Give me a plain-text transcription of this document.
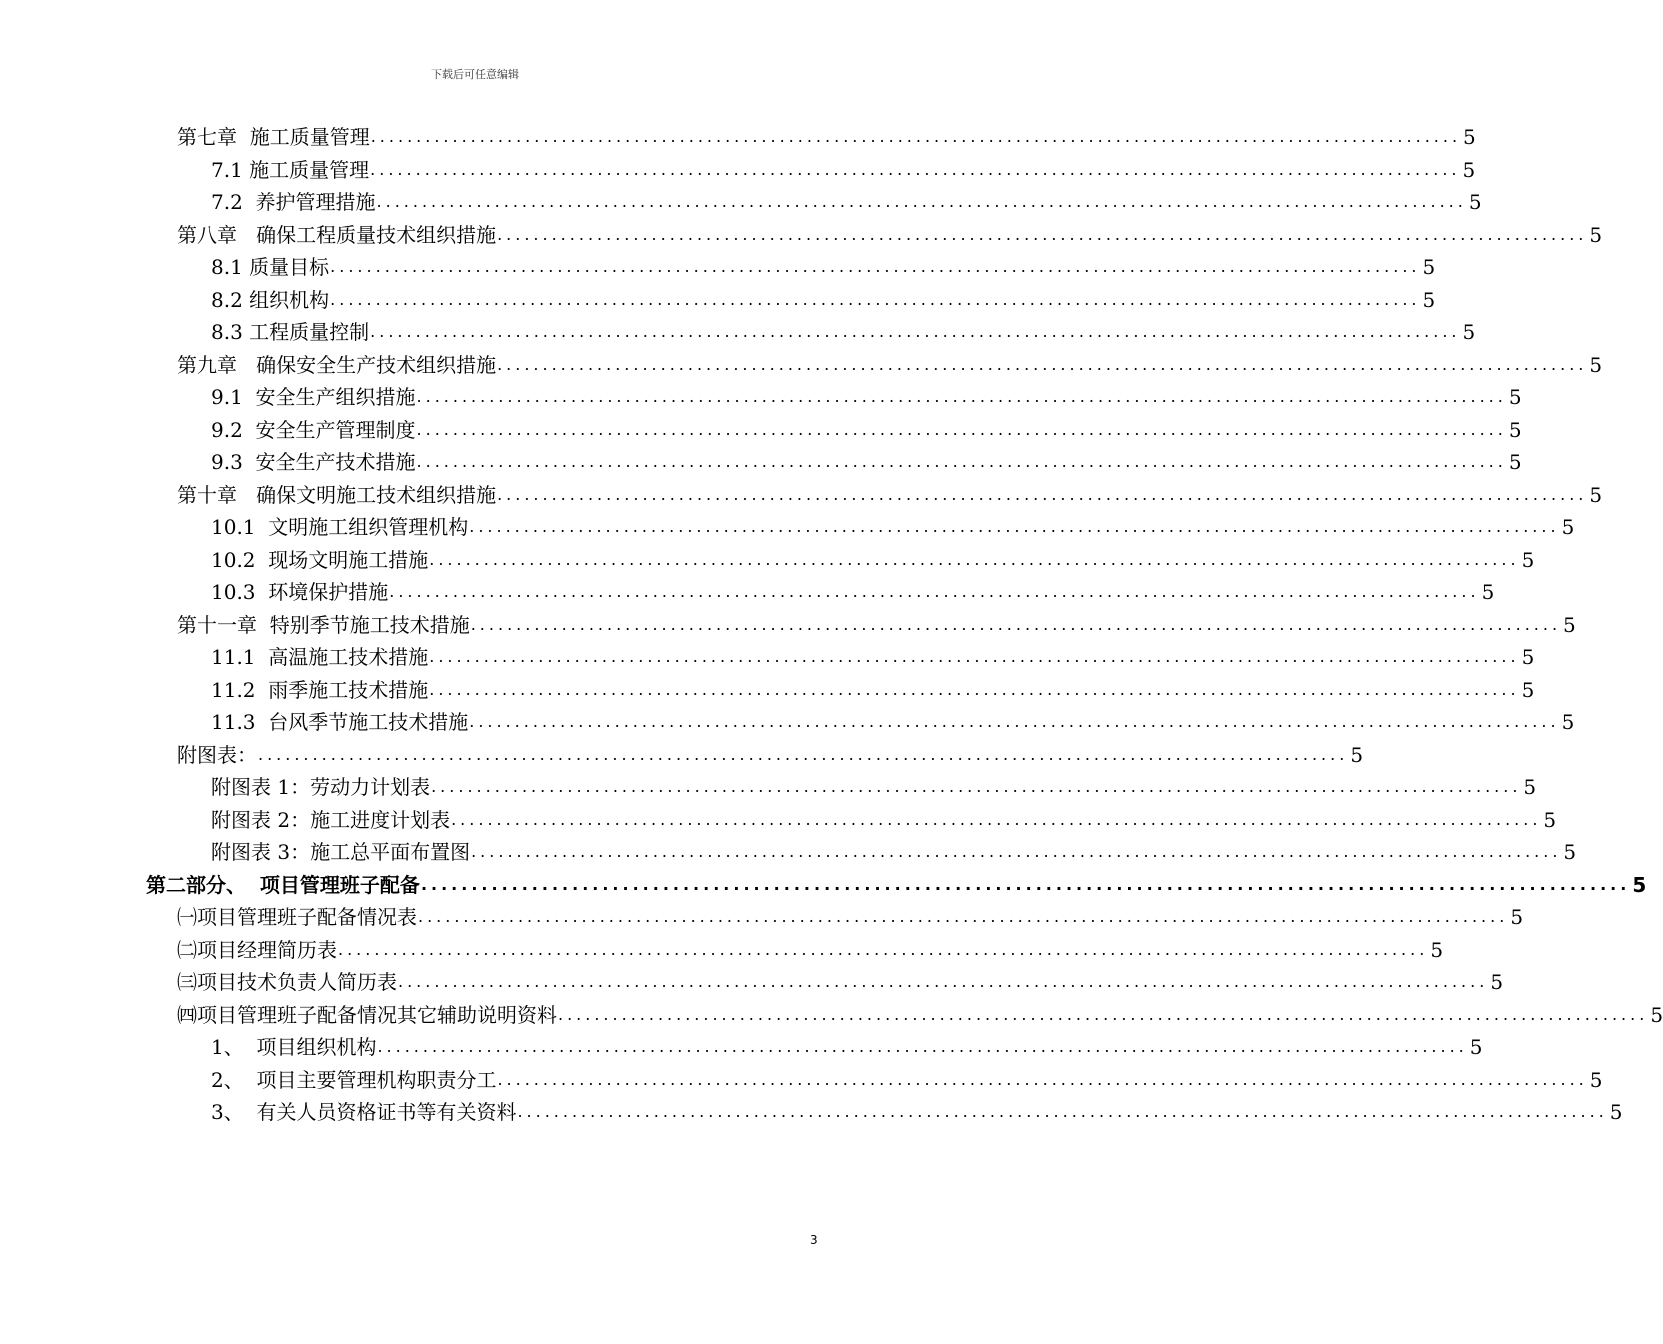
下载后可任意编辑
第七章  施工质量管理 ........................................................................................................................ 5
7.1 施工质量管理 ........................................................................................................................ 5
7.2  养护管理措施 ........................................................................................................................ 5
第八章   确保工程质量技术组织措施 ........................................................................................................................ 5
8.1 质量目标 ........................................................................................................................ 5
8.2 组织机构 ........................................................................................................................ 5
8.3 工程质量控制 ........................................................................................................................ 5
第九章   确保安全生产技术组织措施 ........................................................................................................................ 5
9.1  安全生产组织措施 ........................................................................................................................ 5
9.2  安全生产管理制度 ........................................................................................................................ 5
9.3  安全生产技术措施 ........................................................................................................................ 5
第十章   确保文明施工技术组织措施 ........................................................................................................................ 5
10.1  文明施工组织管理机构 ........................................................................................................................ 5
10.2  现场文明施工措施 ........................................................................................................................ 5
10.3  环境保护措施 ........................................................................................................................ 5
第十一章  特别季节施工技术措施 ........................................................................................................................ 5
11.1  高温施工技术措施 ........................................................................................................................ 5
11.2  雨季施工技术措施 ........................................................................................................................ 5
11.3  台风季节施工技术措施 ........................................................................................................................ 5
附图表： ........................................................................................................................ 5
附图表 1：劳动力计划表 ........................................................................................................................ 5
附图表 2：施工进度计划表 ........................................................................................................................ 5
附图表 3：施工总平面布置图 ........................................................................................................................ 5
第二部分、  项目管理班子配备 ........................................................................................................................ 5
㈠项目管理班子配备情况表 ........................................................................................................................ 5
㈡项目经理简历表 ........................................................................................................................ 5
㈢项目技术负责人简历表 ........................................................................................................................ 5
㈣项目管理班子配备情况其它辅助说明资料 ........................................................................................................................ 5
1、  项目组织机构 ........................................................................................................................ 5
2、  项目主要管理机构职责分工 ........................................................................................................................ 5
3、  有关人员资格证书等有关资料 ........................................................................................................................ 5
3
